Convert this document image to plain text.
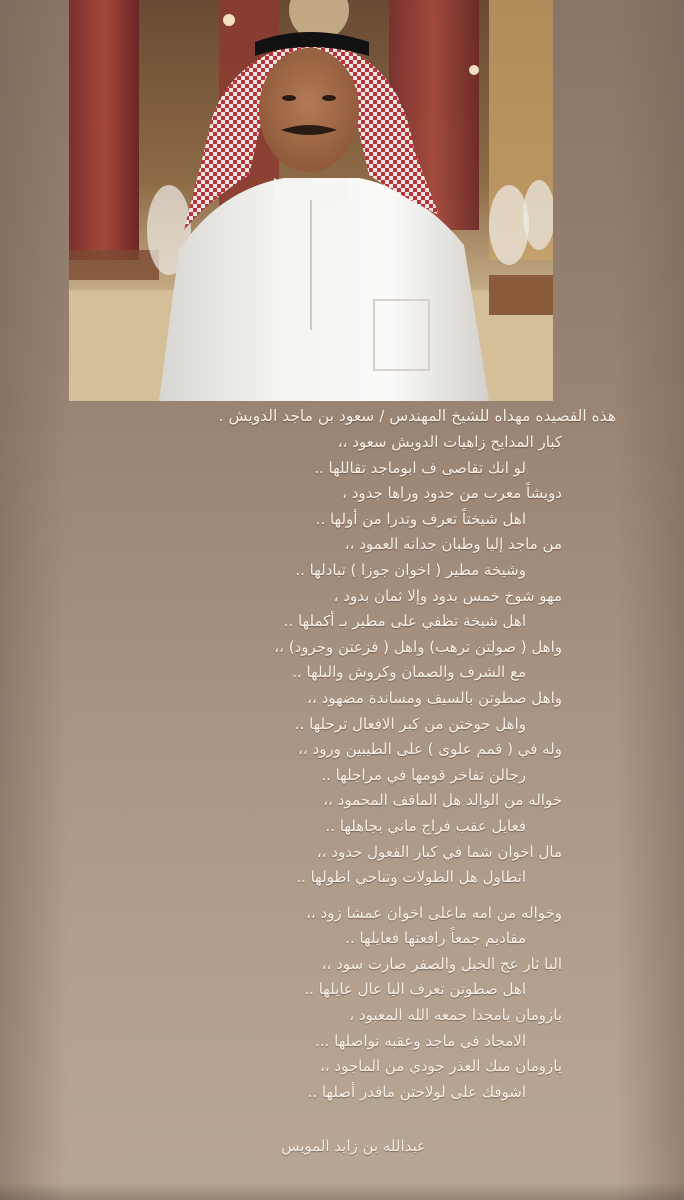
هذه القصيده مهداه للشيخ المهندس / سعود بن ماجد الدويش .

كبار المدايح زاهيات الدويش سعود ،،

لو انك تقاصى ف ابوماجد تقاللها ..

دويشاً معرب من جدود وراها جدود ،

اهل شيختاً تعرف وتدرا من أولها ..

من ماجد إليا وطبان جدانه العمود ،،

وشيخة مطير ( اخوان جوزا ) تبادلها ..

مهو شوخ خمس بدود وإلا ثمان بدود ،

اهل شيخة تظفي على مطير بـ أكملها ..

واهل ( صولتن ترهب) واهل ( فزعتن وجرود) ،،

مع الشرف والصمان وكروش والبلها ..

واهل صطوتن بالسيف ومساندة مضهود ،،

واهل جوختن من كبر الافعال ترحلها ..

وله في ( قمم علوى ) على الطيبين ورود ،،

رجالن تفاخر قومها في مراجلها ..

خواله من الوالد هل الماقف المحمود ،،

فعايل عقب فراج ماني بجاهلها ..

مال اخوان شما في كبار الفعول حدود ،،

اتطاول هل الطولات وتناحي اطولها ..

وخواله من امه ماعلى اخوان عمشا زود ،،

مقاديم جمعاً رافعتها فعايلها ..

اليا ثار عج الخيل والصفر صارت سود ،،

اهل صطوتن تعرف اليا عال عايلها ..

يازومان يامجدا جمعه الله المعبود ،

الامجاد في ماجد وعقبه تواصلها ...

يازومان منك العذر جودي من الماجود ،،

اشوفك على لولاحتن ماقدر أصلها ..

عبدالله بن زايد المويس
